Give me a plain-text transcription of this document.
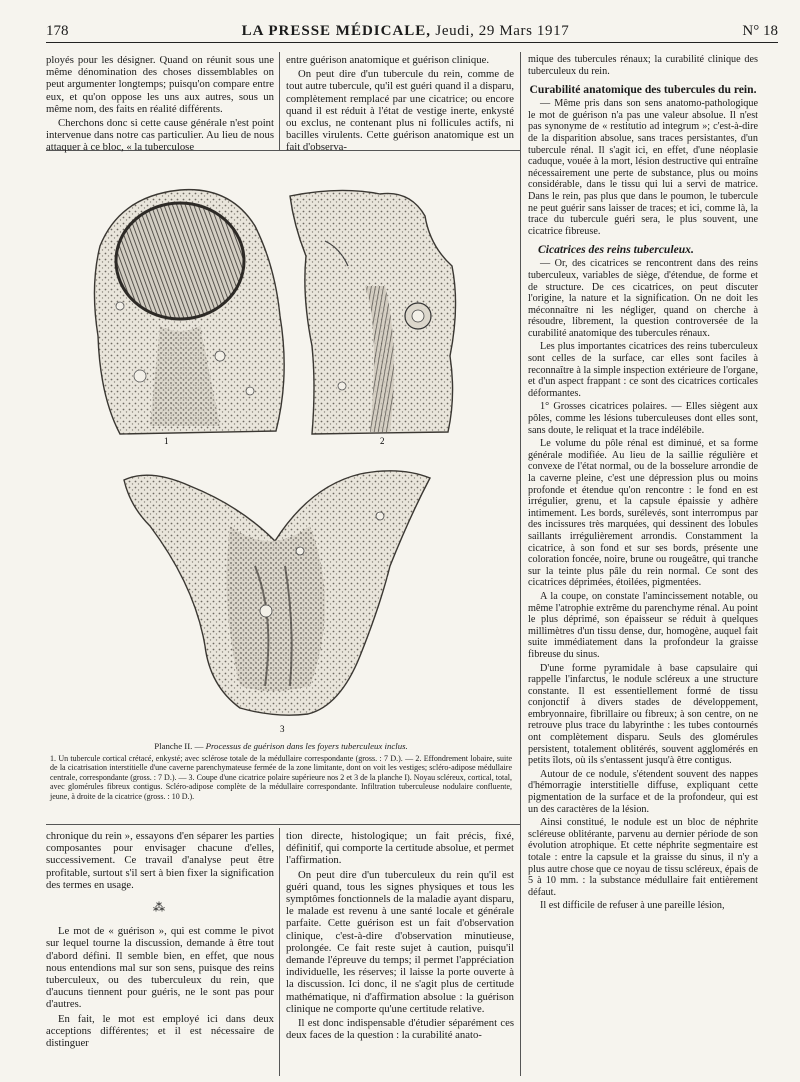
178	LA PRESSE MÉDICALE, Jeudi, 29 Mars 1917	N° 18

ployés pour les désigner. Quand on réunit sous une même dénomination des choses dissemblables on peut argumenter longtemps; puisqu'on compare entre eux, et qu'on oppose les uns aux autres, sous un même nom, des faits en réalité différents.

Cherchons donc si cette cause générale n'est point intervenue dans notre cas particulier. Au lieu de nous attaquer à ce bloc, « la tuberculose

entre guérison anatomique et guérison clinique.

On peut dire d'un tubercule du rein, comme de tout autre tubercule, qu'il est guéri quand il a disparu, complètement remplacé par une cicatrice; ou encore quand il est réduit à l'état de vestige inerte, enkysté ou exclus, ne contenant plus ni follicules actifs, ni bacilles virulents. Cette guérison anatomique est un fait d'observa-

1	2
3
Planche II. — Processus de guérison dans les foyers tuberculeux inclus.
1. Un tubercule cortical crétacé, enkysté; avec sclérose totale de la médullaire correspondante (gross. : 7 D.). — 2. Effondrement lobaire, suite de la cicatrisation interstitielle d'une caverne parenchymateuse fermée de la zone limitante, dont on voit les vestiges; scléro-adipose médullaire centrale, correspondante (gross. : 7 D.). — 3. Coupe d'une cicatrice polaire supérieure nos 2 et 3 de la planche I). Noyau scléreux, cortical, total, avec glomérules fibreux contigus. Scléro-adipose complète de la médullaire correspondante. Infiltration tuberculeuse nodulaire confluente, jeune, à droite de la cicatrice (gross. : 10 D.).

chronique du rein », essayons d'en séparer les parties composantes pour envisager chacune d'elles, successivement. Ce travail d'analyse peut être profitable, surtout s'il sert à bien fixer la signification des termes en usage.

⁂

Le mot de « guérison », qui est comme le pivot sur lequel tourne la discussion, demande à être tout d'abord défini. Il semble bien, en effet, que nous nous entendions mal sur son sens, puisque des reins tuberculeux, ou des tuberculeux du rein, que d'aucuns tiennent pour guéris, ne le sont pas pour d'autres.

En fait, le mot est employé ici dans deux acceptions différentes; et il est nécessaire de distinguer

tion directe, histologique; un fait précis, fixé, définitif, qui comporte la certitude absolue, et permet l'affirmation.

On peut dire d'un tuberculeux du rein qu'il est guéri quand, tous les signes physiques et tous les symptômes fonctionnels de la maladie ayant disparu, le malade est revenu à une santé locale et générale parfaite. Cette guérison est un fait d'observation clinique, c'est-à-dire d'observation minutieuse, prolongée. Ce fait reste sujet à caution, puisqu'il demande l'épreuve du temps; il permet l'appréciation individuelle, les réserves; il laisse la porte ouverte à la discussion. Ici donc, il ne s'agit plus de certitude mathématique, ni d'affirmation absolue : la guérison clinique ne comporte qu'une certitude relative.

Il est donc indispensable d'étudier séparément ces deux faces de la question : la curabilité anato-

mique des tubercules rénaux; la curabilité clinique des tuberculeux du rein.

Curabilité anatomique des tubercules du rein.

— Même pris dans son sens anatomo-pathologique le mot de guérison n'a pas une valeur absolue. Il n'est pas synonyme de « restitutio ad integrum »; c'est-à-dire de la disparition absolue, sans traces persistantes, d'un tubercule rénal. Il s'agit ici, en effet, d'une néoplasie caduque, vouée à la mort, lésion destructive qui entraîne nécessairement une perte de substance, plus ou moins considérable, dans le tissu qui lui a servi de matrice. Dans le rein, pas plus que dans le poumon, le tubercule ne peut guérir sans laisser de traces; et ici, comme là, la trace du tubercule guéri sera, le plus souvent, une cicatrice fibreuse.

Cicatrices des reins tuberculeux.

— Or, des cicatrices se rencontrent dans des reins tuberculeux, variables de siège, d'étendue, de forme et de structure. De ces cicatrices, on peut discuter l'origine, la nature et la signification. On ne doit les méconnaître ni les négliger, quand on cherche à résoudre, librement, la question controversée de la curabilité anatomique des tubercules rénaux.

Les plus importantes cicatrices des reins tuberculeux sont celles de la surface, car elles sont faciles à reconnaître à la simple inspection extérieure de l'organe, et d'un aspect frappant : ce sont des cicatrices corticales déformantes.

1° Grosses cicatrices polaires. — Elles siègent aux pôles, comme les lésions tuberculeuses dont elles sont, sans doute, le reliquat et la trace indélébile.

Le volume du pôle rénal est diminué, et sa forme générale modifiée. Au lieu de la saillie régulière et convexe de l'état normal, ou de la bosselure arrondie de la caverne pleine, c'est une dépression plus ou moins profonde et étendue qu'on rencontre : le fond en est irrégulier, grenu, et la capsule épaissie y adhère intimement. Les bords, surélevés, sont interrompus par des incissures très marquées, qui dessinent des lobules saillants irrégulièrement arrondis. Constamment la cicatrice, à son fond et sur ses bords, présente une coloration foncée, noire, brune ou rougeâtre, qui tranche sur la teinte plus pâle du rein normal. Ce sont des cicatrices déprimées, étoilées, pigmentées.

A la coupe, on constate l'amincissement notable, ou même l'atrophie extrême du parenchyme rénal. Au point le plus déprimé, son épaisseur se réduit à quelques millimètres d'un tissu dense, dur, homogène, auquel fait suite immédiatement dans la profondeur la graisse fibreuse du sinus.

D'une forme pyramidale à base capsulaire qui rappelle l'infarctus, le nodule scléreux a une structure constante. Il est essentiellement formé de tissu conjonctif à divers stades de développement, embryonnaire, fibrillaire ou fibreux; à son centre, on ne retrouve plus trace du labyrinthe : les tubes contournés ont complètement disparu. Seuls des glomérules persistent, totalement oblitérés, souvent agglomérés en petits îlots, où ils s'entassent jusqu'à être contigus.

Autour de ce nodule, s'étendent souvent des nappes d'hémorragie interstitielle diffuse, expliquant cette pigmentation de la surface et de la profondeur, qui est un des caractères de la lésion.

Ainsi constitué, le nodule est un bloc de néphrite scléreuse oblitérante, parvenu au dernier période de son évolution atrophique. Et cette néphrite segmentaire est totale : entre la capsule et la graisse du sinus, il n'y a plus autre chose que ce noyau de tissu scléreux, épais de 5 à 10 mm. : la substance médullaire fait entièrement défaut.

Il est difficile de refuser à une pareille lésion,
